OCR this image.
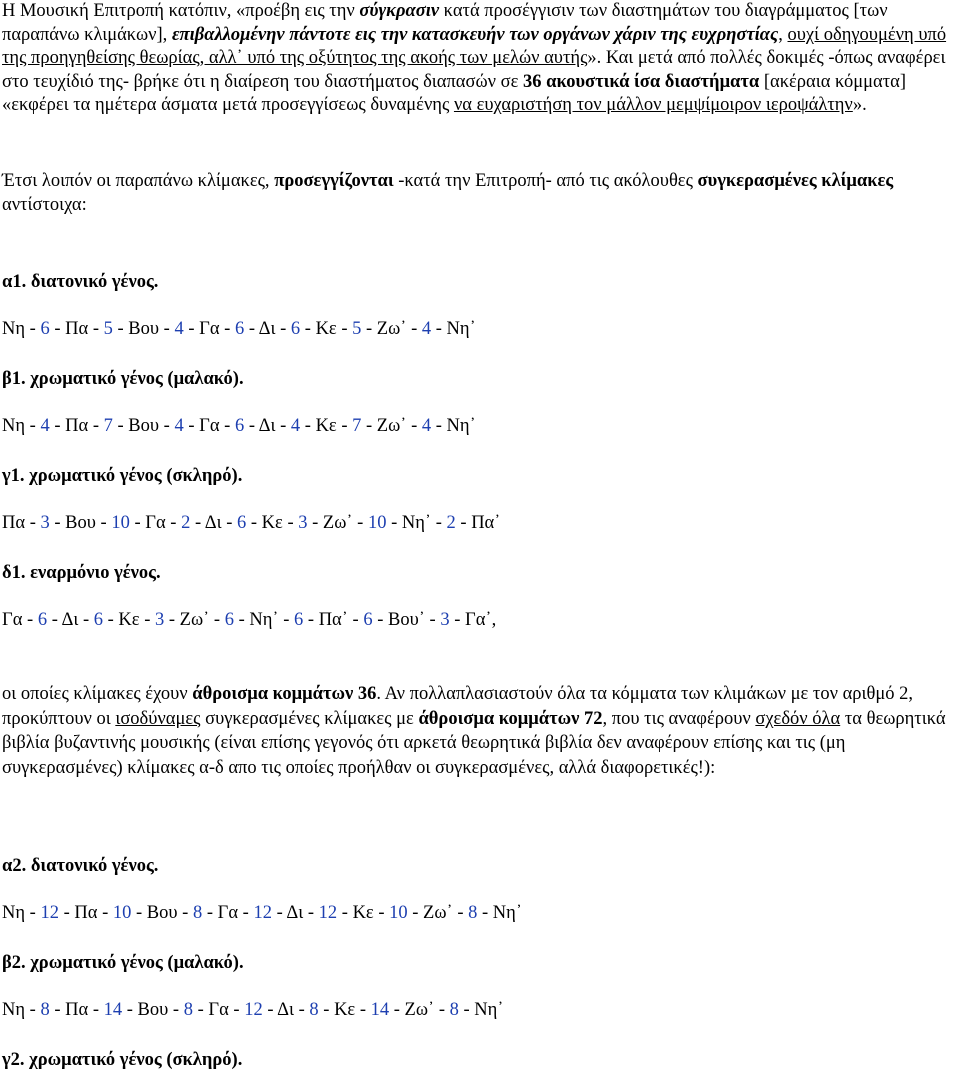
Η Μουσική Επιτροπή κατόπιν, «προέβη εις την σύγκρασιν κατά προσέγγισιν των διαστημάτων του διαγράμματος [των παραπάνω κλιμάκων], επιβαλλομένην πάντοτε εις την κατασκευήν των οργάνων χάριν της ευχρηστίας, ουχί οδηγουμένη υπό της προηγηθείσης θεωρίας, αλλ᾽ υπό της οξύτητος της ακοής των μελών αυτής». Και μετά από πολλές δοκιμές -όπως αναφέρει στο τευχίδιό της- βρήκε ότι η διαίρεση του διαστήματος διαπασών σε 36 ακουστικά ίσα διαστήματα [ακέραια κόμματα] «εκφέρει τα ημέτερα άσματα μετά προσεγγίσεως δυναμένης να ευχαριστήση τον μάλλον μεμψίμοιρον ιεροψάλτην».

Έτσι λοιπόν οι παραπάνω κλίμακες, προσεγγίζονται -κατά την Επιτροπή- από τις ακόλουθες συγκερασμένες κλίμακες αντίστοιχα:

α1. διατονικό γένος.

Νη - 6 - Πα - 5 - Βου - 4 - Γα - 6 - Δι - 6 - Κε - 5 - Ζω᾽ - 4 - Νη᾽

β1. χρωματικό γένος (μαλακό).

Νη - 4 - Πα - 7 - Βου - 4 - Γα - 6 - Δι - 4 - Κε - 7 - Ζω᾽ - 4 - Νη᾽

γ1. χρωματικό γένος (σκληρό).

Πα - 3 - Βου - 10 - Γα - 2 - Δι - 6 - Κε - 3 - Ζω᾽ - 10 - Νη᾽ - 2 - Πα᾽

δ1. εναρμόνιο γένος.

Γα - 6 - Δι - 6 - Κε - 3 - Ζω᾽ - 6 - Νη᾽ - 6 - Πα᾽ - 6 - Βου᾽ - 3 - Γα᾽,

οι οποίες κλίμακες έχουν άθροισμα κομμάτων 36. Αν πολλαπλασιαστούν όλα τα κόμματα των κλιμάκων με τον αριθμό 2, προκύπτουν οι ισοδύναμες συγκερασμένες κλίμακες με άθροισμα κομμάτων 72, που τις αναφέρουν σχεδόν όλα τα θεωρητικά βιβλία βυζαντινής μουσικής (είναι επίσης γεγονός ότι αρκετά θεωρητικά βιβλία δεν αναφέρουν επίσης και τις (μη συγκερασμένες) κλίμακες α-δ απο τις οποίες προήλθαν οι συγκερασμένες, αλλά διαφορετικές!):

α2. διατονικό γένος.

Νη - 12 - Πα - 10 - Βου - 8 - Γα - 12 - Δι - 12 - Κε - 10 - Ζω᾽ - 8 - Νη᾽

β2. χρωματικό γένος (μαλακό).

Νη - 8 - Πα - 14 - Βου - 8 - Γα - 12 - Δι - 8 - Κε - 14 - Ζω᾽ - 8 - Νη᾽

γ2. χρωματικό γένος (σκληρό).
